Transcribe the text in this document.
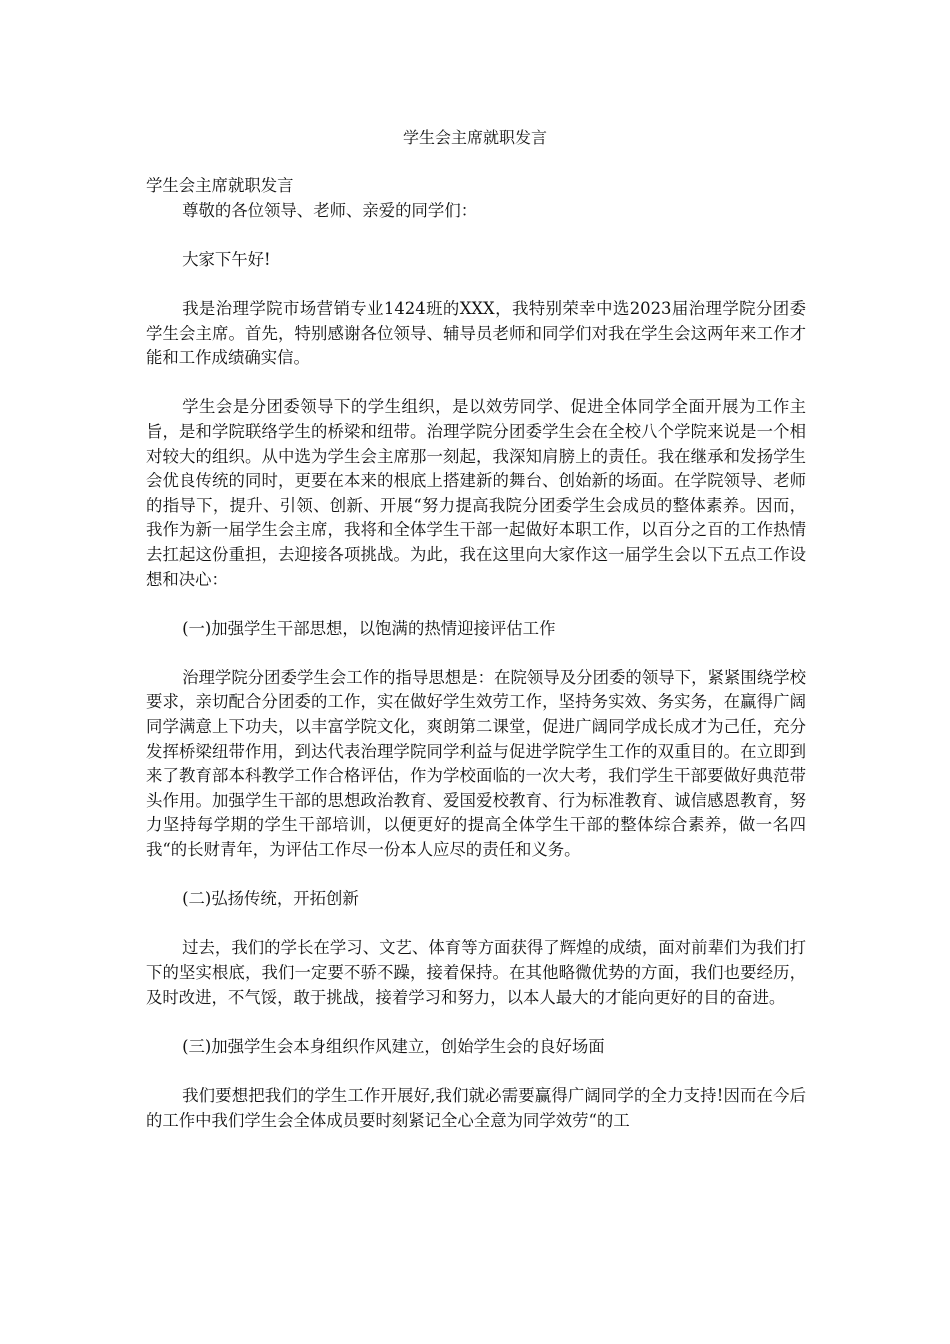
学生会主席就职发言

学生会主席就职发言

尊敬的各位领导、老师、亲爱的同学们：

大家下午好!

我是治理学院市场营销专业1424班的XXX，我特别荣幸中选2023届治理学院分团委学生会主席。首先，特别感谢各位领导、辅导员老师和同学们对我在学生会这两年来工作才能和工作成绩确实信。

学生会是分团委领导下的学生组织，是以效劳同学、促进全体同学全面开展为工作主旨，是和学院联络学生的桥梁和纽带。治理学院分团委学生会在全校八个学院来说是一个相对较大的组织。从中选为学生会主席那一刻起，我深知肩膀上的责任。我在继承和发扬学生会优良传统的同时，更要在本来的根底上搭建新的舞台、创始新的场面。在学院领导、老师的指导下，提升、引领、创新、开展“努力提高我院分团委学生会成员的整体素养。因而，我作为新一届学生会主席，我将和全体学生干部一起做好本职工作，以百分之百的工作热情去扛起这份重担，去迎接各项挑战。为此，我在这里向大家作这一届学生会以下五点工作设想和决心：

(一)加强学生干部思想，以饱满的热情迎接评估工作

治理学院分团委学生会工作的指导思想是：在院领导及分团委的领导下，紧紧围绕学校要求，亲切配合分团委的工作，实在做好学生效劳工作，坚持务实效、务实务，在赢得广阔同学满意上下功夫，以丰富学院文化，爽朗第二课堂，促进广阔同学成长成才为己任，充分发挥桥梁纽带作用，到达代表治理学院同学利益与促进学院学生工作的双重目的。在立即到来了教育部本科教学工作合格评估，作为学校面临的一次大考，我们学生干部要做好典范带头作用。加强学生干部的思想政治教育、爱国爱校教育、行为标准教育、诚信感恩教育，努力坚持每学期的学生干部培训，以便更好的提高全体学生干部的整体综合素养，做一名四我“的长财青年，为评估工作尽一份本人应尽的责任和义务。

(二)弘扬传统，开拓创新

过去，我们的学长在学习、文艺、体育等方面获得了辉煌的成绩，面对前辈们为我们打下的坚实根底，我们一定要不骄不躁，接着保持。在其他略微优势的方面，我们也要经历，及时改进，不气馁，敢于挑战，接着学习和努力，以本人最大的才能向更好的目的奋进。

(三)加强学生会本身组织作风建立，创始学生会的良好场面

我们要想把我们的学生工作开展好,我们就必需要赢得广阔同学的全力支持!因而在今后的工作中我们学生会全体成员要时刻紧记全心全意为同学效劳“的工
